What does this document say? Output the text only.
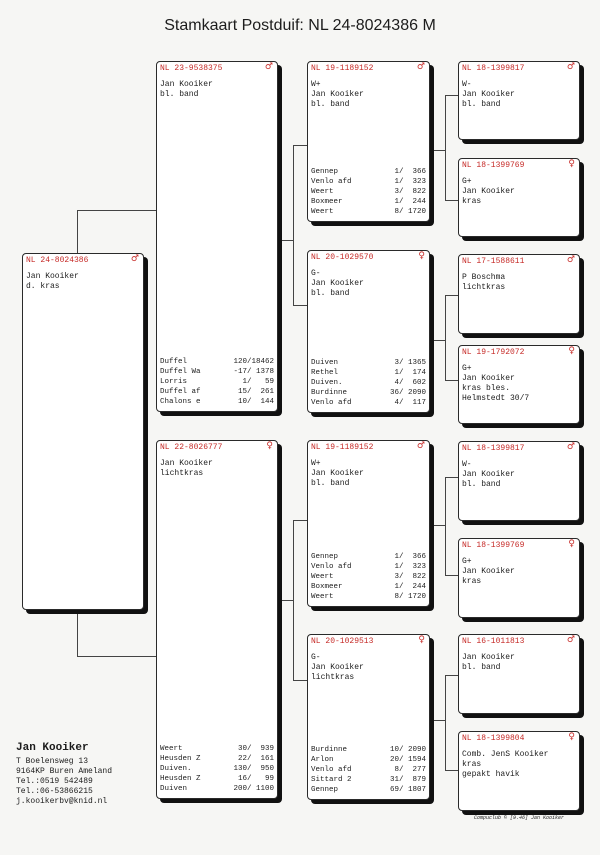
Stamkaart Postduif: NL 24-8024386 M
NL 24-8024386	♂
Jan Kooiker
d. kras
NL 23-9538375	♂
Jan Kooiker
bl. band
Duffel	120/18462
Duffel Wa	-17/ 1378
Lorris	1/   59
Duffel af	15/  261
Chalons e	10/  144
NL 22-8026777	♀
Jan Kooiker
lichtkras
Weert	30/  939
Heusden Z	22/  161
Duiven.	130/  950
Heusden Z	16/   99
Duiven	200/ 1100
NL 19-1189152	♂
W+
Jan Kooiker
bl. band
Gennep	1/  366
Venlo afd	1/  323
Weert	3/  822
Boxmeer	1/  244
Weert	8/ 1720
NL 20-1029570	♀
G-
Jan Kooiker
bl. band
Duiven	3/ 1365
Rethel	1/  174
Duiven.	4/  602
Burdinne	36/ 2090
Venlo afd	4/  117
NL 19-1189152	♂
W+
Jan Kooiker
bl. band
Gennep	1/  366
Venlo afd	1/  323
Weert	3/  822
Boxmeer	1/  244
Weert	8/ 1720
NL 20-1029513	♀
G-
Jan Kooiker
lichtkras
Burdinne	10/ 2090
Arlon	20/ 1594
Venlo afd	8/  277
Sittard 2	31/  879
Gennep	69/ 1807
NL 18-1399817	♂
W-
Jan Kooiker
bl. band
NL 18-1399769	♀
G+
Jan Kooiker
kras
NL 17-1588611	♂
P Boschma
lichtkras
NL 19-1792072	♀
G+
Jan Kooiker
kras bles.
Helmstedt 30/7
NL 18-1399817	♂
W-
Jan Kooiker
bl. band
NL 18-1399769	♀
G+
Jan Kooiker
kras
NL 16-1011813	♂
Jan Kooiker
bl. band
NL 18-1399804	♀
Comb. JenS Kooiker
kras
gepakt havik
Jan Kooiker
T Boelensweg 13
9164KP Buren Ameland
Tel.:0519 542489
Tel.:06-53866215
j.kooikerbv@knid.nl
Compuclub © [9.46] Jan Kooiker
